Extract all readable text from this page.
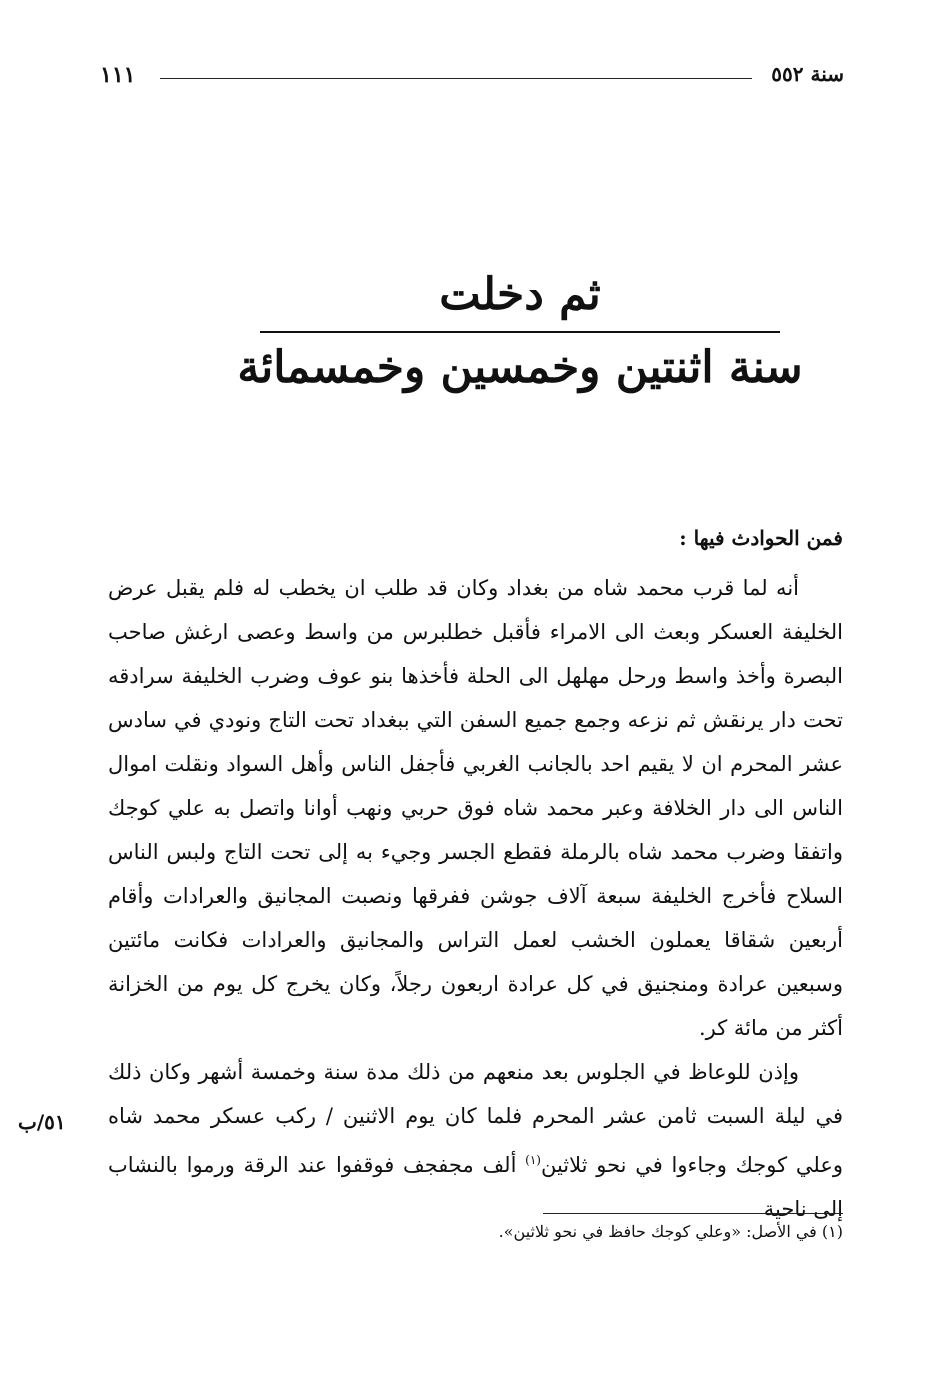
سنة ٥٥٢
١١١
ثم دخلت
سنة اثنتين وخمسين وخمسمائة

فمن الحوادث فيها :

أنه لما قرب محمد شاه من بغداد وكان قد طلب ان يخطب له فلم يقبل عرض الخليفة العسكر وبعث الى الامراء فأقبل خطلبرس من واسط وعصى ارغش صاحب البصرة وأخذ واسط ورحل مهلهل الى الحلة فأخذها بنو عوف وضرب الخليفة سرادقه تحت دار يرنقش ثم نزعه وجمع جميع السفن التي ببغداد تحت التاج ونودي في سادس عشر المحرم ان لا يقيم احد بالجانب الغربي فأجفل الناس وأهل السواد ونقلت اموال الناس الى دار الخلافة وعبر محمد شاه فوق حربي ونهب أوانا واتصل به علي كوجك واتفقا وضرب محمد شاه بالرملة فقطع الجسر وجيء به إلى تحت التاج ولبس الناس السلاح فأخرج الخليفة سبعة آلاف جوشن ففرقها ونصبت المجانيق والعرادات وأقام أربعين شقاقا يعملون الخشب لعمل التراس والمجانيق والعرادات فكانت مائتين وسبعين عرادة ومنجنيق في كل عرادة اربعون رجلاً، وكان يخرج كل يوم من الخزانة أكثر من مائة كر.

وإذن للوعاظ في الجلوس بعد منعهم من ذلك مدة سنة وخمسة أشهر وكان ذلك في ليلة السبت ثامن عشر المحرم فلما كان يوم الاثنين / ركب عسكر محمد شاه وعلي كوجك وجاءوا في نحو ثلاثين$^{(١)}$ ألف مجفجف فوقفوا عند الرقة ورموا بالنشاب إلى ناحية

٥١/ب
(١) في الأصل: «وعلي كوجك حافظ في نحو ثلاثين».
